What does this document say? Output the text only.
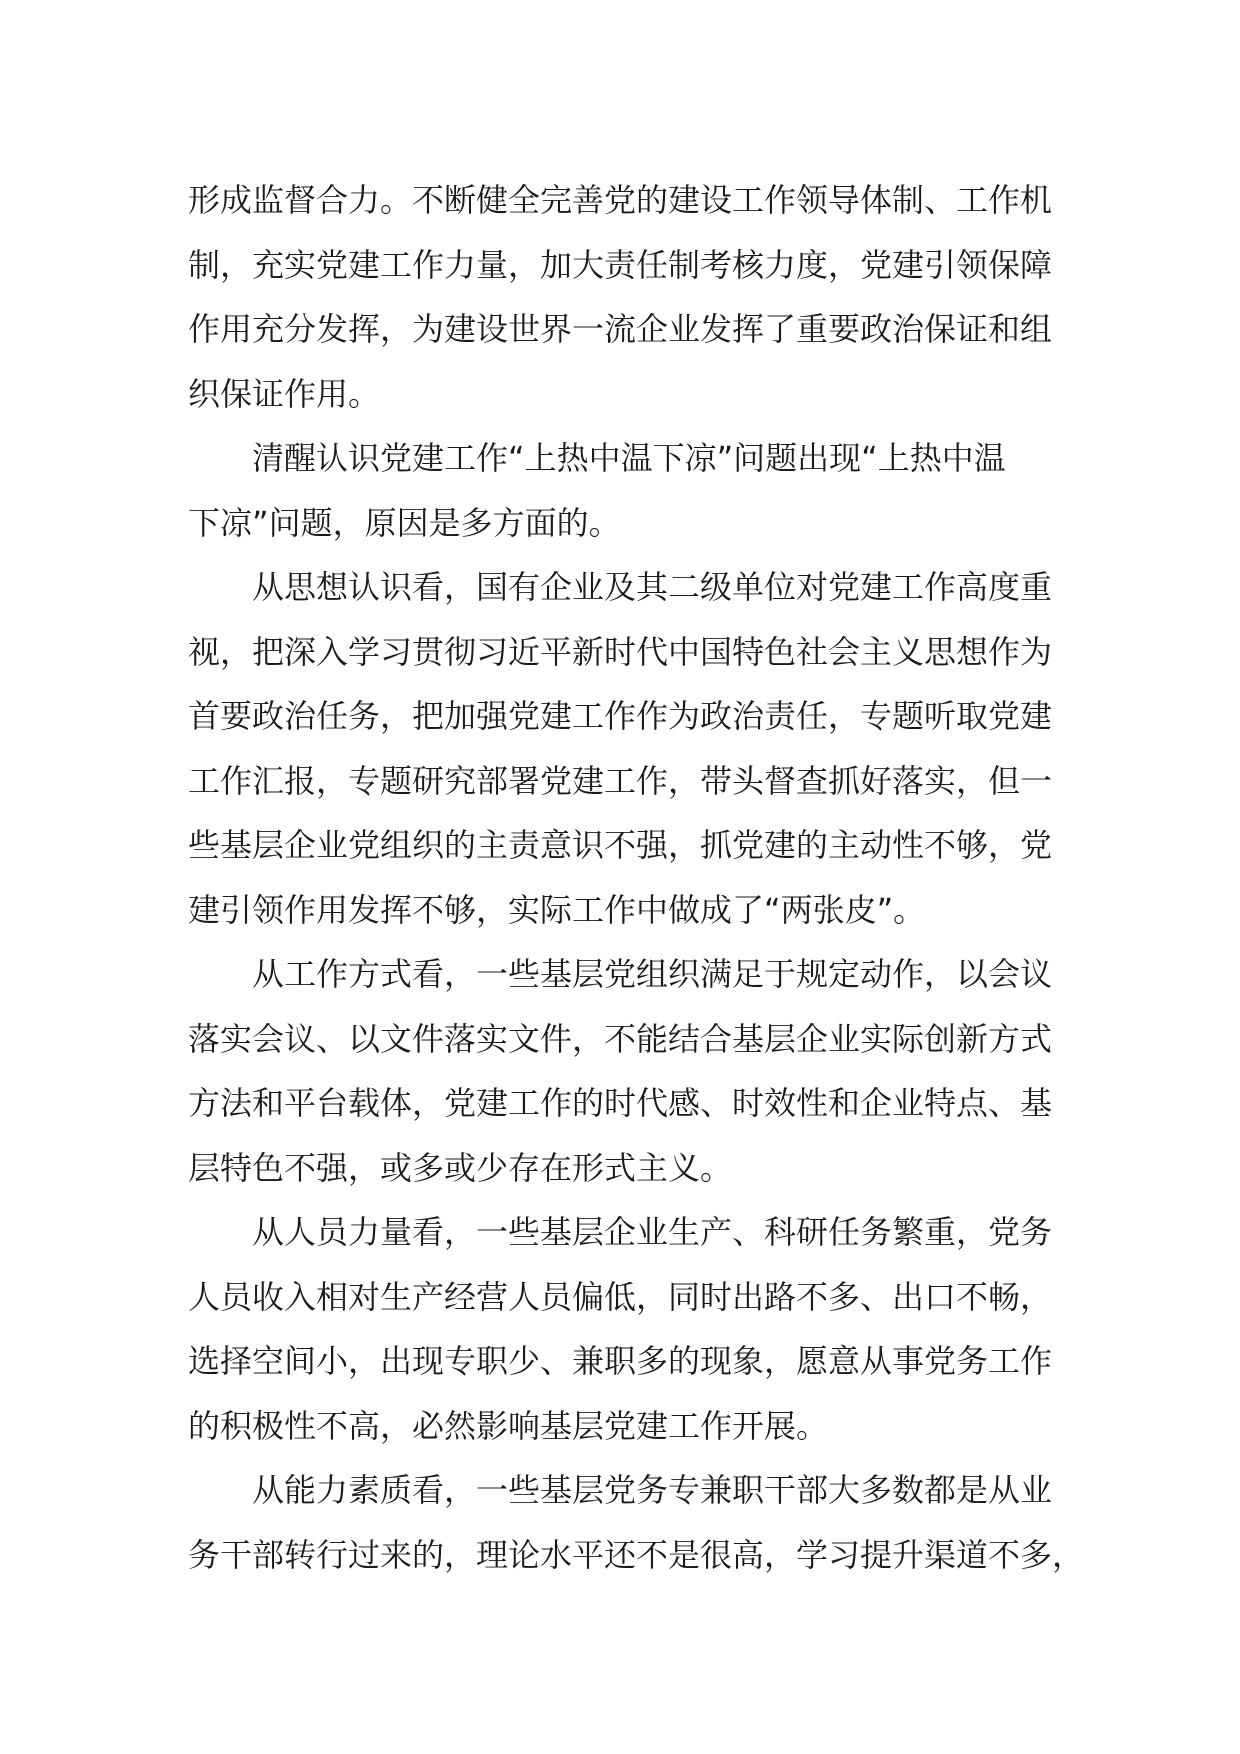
形成监督合力。不断健全完善党的建设工作领导体制、工作机
制，充实党建工作力量，加大责任制考核力度，党建引领保障
作用充分发挥，为建设世界一流企业发挥了重要政治保证和组
织保证作用。
清醒认识党建工作“上热中温下凉”问题出现“上热中温
下凉”问题，原因是多方面的。
从思想认识看，国有企业及其二级单位对党建工作高度重
视，把深入学习贯彻习近平新时代中国特色社会主义思想作为
首要政治任务，把加强党建工作作为政治责任，专题听取党建
工作汇报，专题研究部署党建工作，带头督查抓好落实，但一
些基层企业党组织的主责意识不强，抓党建的主动性不够，党
建引领作用发挥不够，实际工作中做成了“两张皮”。
从工作方式看，一些基层党组织满足于规定动作，以会议
落实会议、以文件落实文件，不能结合基层企业实际创新方式
方法和平台载体，党建工作的时代感、时效性和企业特点、基
层特色不强，或多或少存在形式主义。
从人员力量看，一些基层企业生产、科研任务繁重，党务
人员收入相对生产经营人员偏低，同时出路不多、出口不畅，
选择空间小，出现专职少、兼职多的现象，愿意从事党务工作
的积极性不高，必然影响基层党建工作开展。
从能力素质看，一些基层党务专兼职干部大多数都是从业
务干部转行过来的，理论水平还不是很高，学习提升渠道不多，
